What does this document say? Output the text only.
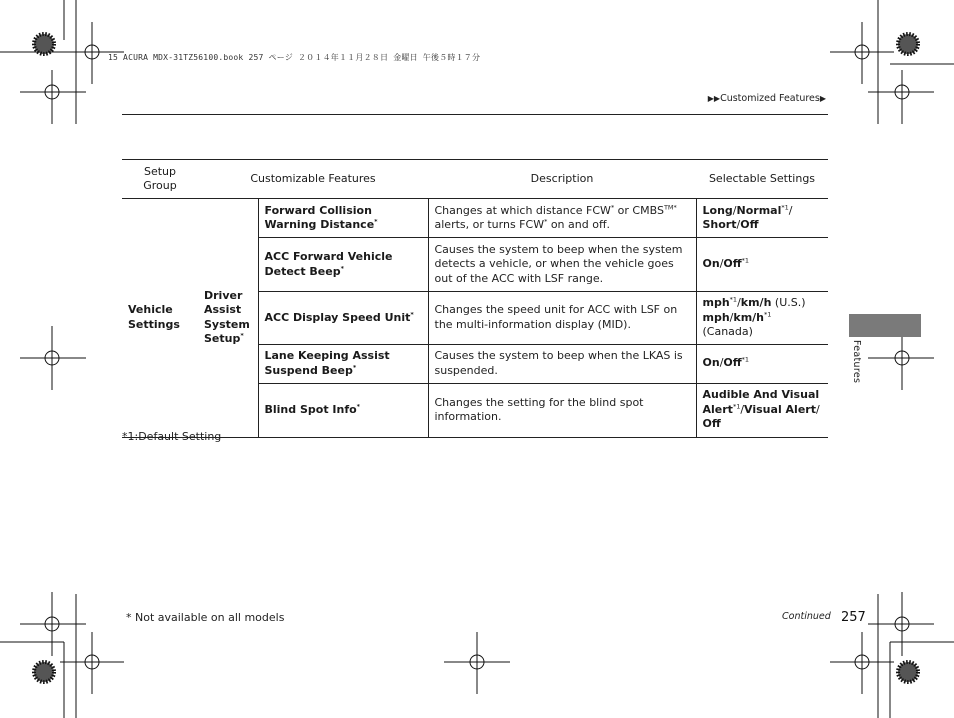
15 ACURA MDX-31TZ56100.book 257 ページ ２０１４年１１月２８日 金曜日 午後５時１７分
▶▶Customized Features▶
Setup Group	Customizable Features		Description	Selectable Settings
Vehicle Settings	Driver Assist System Setup*	Forward Collision Warning Distance*	Changes at which distance FCW* or $CMBS^{TM*}$ alerts, or turns FCW* on and off.	Long/Normal$^{*1}$/ Short/Off
		ACC Forward Vehicle Detect Beep*	Causes the system to beep when the system detects a vehicle, or when the vehicle goes out of the ACC with LSF range.	On/Off$^{*1}$
		ACC Display Speed Unit*	Changes the speed unit for ACC with LSF on the multi-information display (MID).	mph$^{*1}$/km/h (U.S.)
mph/$km/h^{*1}$ (Canada)
		Lane Keeping Assist Suspend Beep*	Causes the system to beep when the LKAS is suspended.	On/Off$^{*1}$
		Blind Spot Info*	Changes the setting for the blind spot information.	Audible And Visual Alert$^{*1}$/Visual Alert/
Off
*1:Default Setting
* Not available on all models	Continued 257
Features
